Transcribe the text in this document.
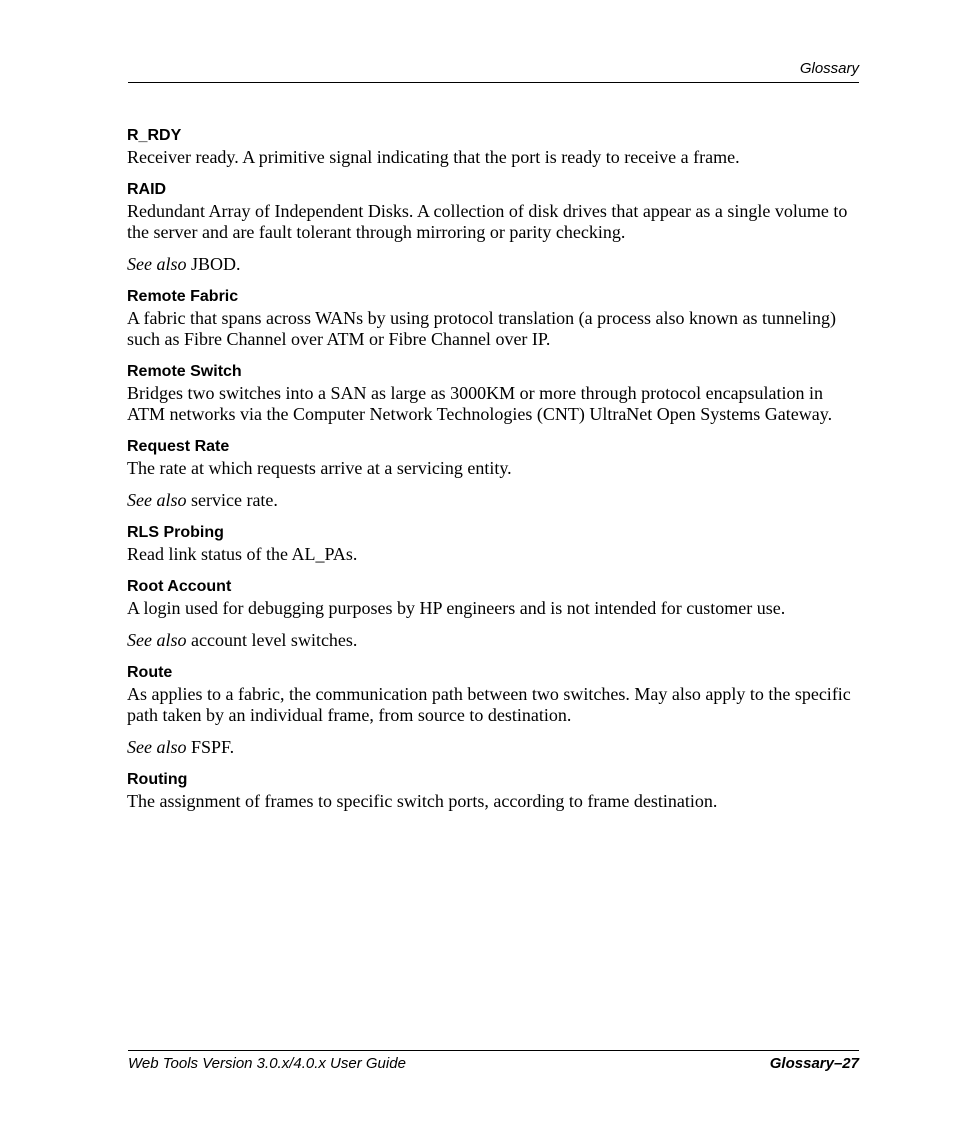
Glossary
R_RDY

Receiver ready. A primitive signal indicating that the port is ready to receive a frame.

RAID

Redundant Array of Independent Disks. A collection of disk drives that appear as a single volume to the server and are fault tolerant through mirroring or parity checking.

See also JBOD.

Remote Fabric

A fabric that spans across WANs by using protocol translation (a process also known as tunneling) such as Fibre Channel over ATM or Fibre Channel over IP.

Remote Switch

Bridges two switches into a SAN as large as 3000KM or more through protocol encapsulation in ATM networks via the Computer Network Technologies (CNT) UltraNet Open Systems Gateway.

Request Rate

The rate at which requests arrive at a servicing entity.

See also service rate.

RLS Probing

Read link status of the AL_PAs.

Root Account

A login used for debugging purposes by HP engineers and is not intended for customer use.

See also account level switches.

Route

As applies to a fabric, the communication path between two switches. May also apply to the specific path taken by an individual frame, from source to destination.

See also FSPF.

Routing

The assignment of frames to specific switch ports, according to frame destination.

Web Tools Version 3.0.x/4.0.x User Guide	Glossary–27
